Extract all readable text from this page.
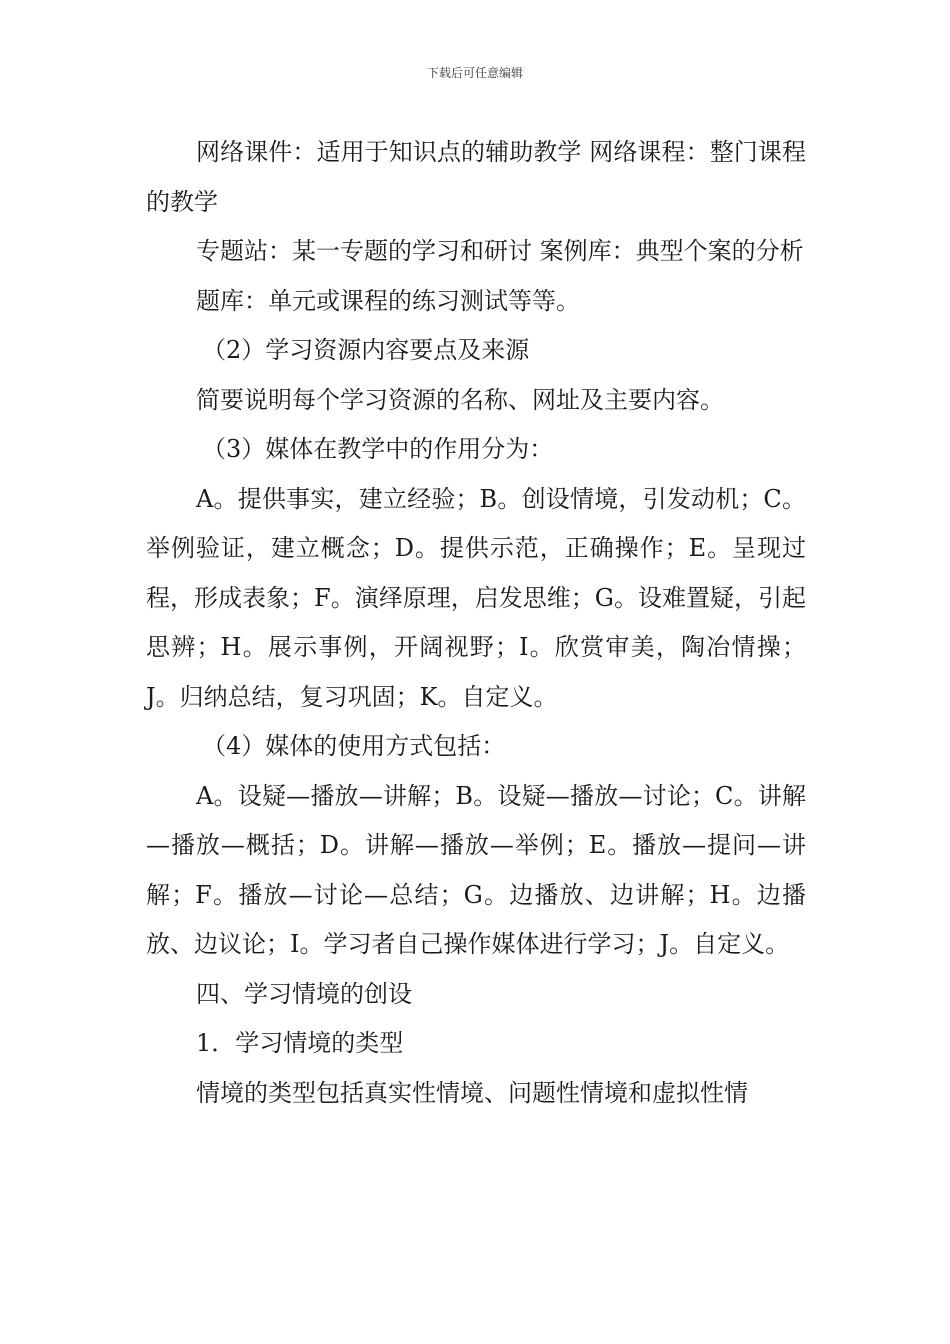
下载后可任意编辑

网络课件：适用于知识点的辅助教学 网络课程：整门课程的教学

专题站：某一专题的学习和研讨 案例库：典型个案的分析

题库：单元或课程的练习测试等等。

（2）学习资源内容要点及来源

简要说明每个学习资源的名称、网址及主要内容。

（3）媒体在教学中的作用分为：

A。提供事实，建立经验；B。创设情境，引发动机；C。举例验证，建立概念；D。提供示范，正确操作；E。呈现过程，形成表象；F。演绎原理，启发思维；G。设难置疑，引起思辨；H。展示事例，开阔视野；I。欣赏审美，陶冶情操；J。归纳总结，复习巩固；K。自定义。

（4）媒体的使用方式包括：

A。设疑—播放—讲解；B。设疑—播放—讨论；C。讲解—播放—概括；D。讲解—播放—举例；E。播放—提问—讲解；F。播放—讨论—总结；G。边播放、边讲解；H。边播放、边议论；I。学习者自己操作媒体进行学习；J。自定义。

四、学习情境的创设

1．学习情境的类型

情境的类型包括真实性情境、问题性情境和虚拟性情
